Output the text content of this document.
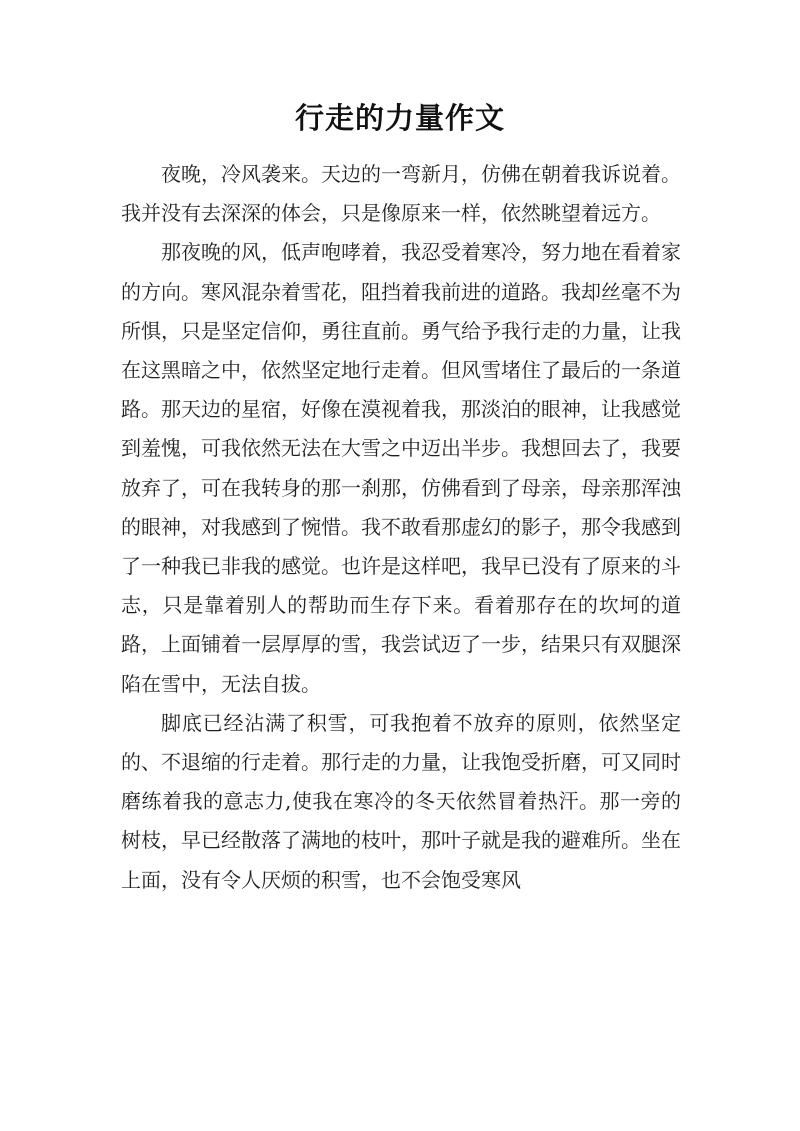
行走的力量作文

夜晚，冷风袭来。天边的一弯新月，仿佛在朝着我诉说着。我并没有去深深的体会，只是像原来一样，依然眺望着远方。

那夜晚的风，低声咆哮着，我忍受着寒冷，努力地在看着家的方向。寒风混杂着雪花，阻挡着我前进的道路。我却丝毫不为所惧，只是坚定信仰，勇往直前。勇气给予我行走的力量，让我在这黑暗之中，依然坚定地行走着。但风雪堵住了最后的一条道路。那天边的星宿，好像在漠视着我，那淡泊的眼神，让我感觉到羞愧，可我依然无法在大雪之中迈出半步。我想回去了，我要放弃了，可在我转身的那一刹那，仿佛看到了母亲，母亲那浑浊的眼神，对我感到了惋惜。我不敢看那虚幻的影子，那令我感到了一种我已非我的感觉。也许是这样吧，我早已没有了原来的斗志，只是靠着别人的帮助而生存下来。看着那存在的坎坷的道路，上面铺着一层厚厚的雪，我尝试迈了一步，结果只有双腿深陷在雪中，无法自拔。

脚底已经沾满了积雪，可我抱着不放弃的原则，依然坚定的、不退缩的行走着。那行走的力量，让我饱受折磨，可又同时磨练着我的意志力,使我在寒冷的冬天依然冒着热汗。那一旁的树枝，早已经散落了满地的枝叶，那叶子就是我的避难所。坐在上面，没有令人厌烦的积雪，也不会饱受寒风
